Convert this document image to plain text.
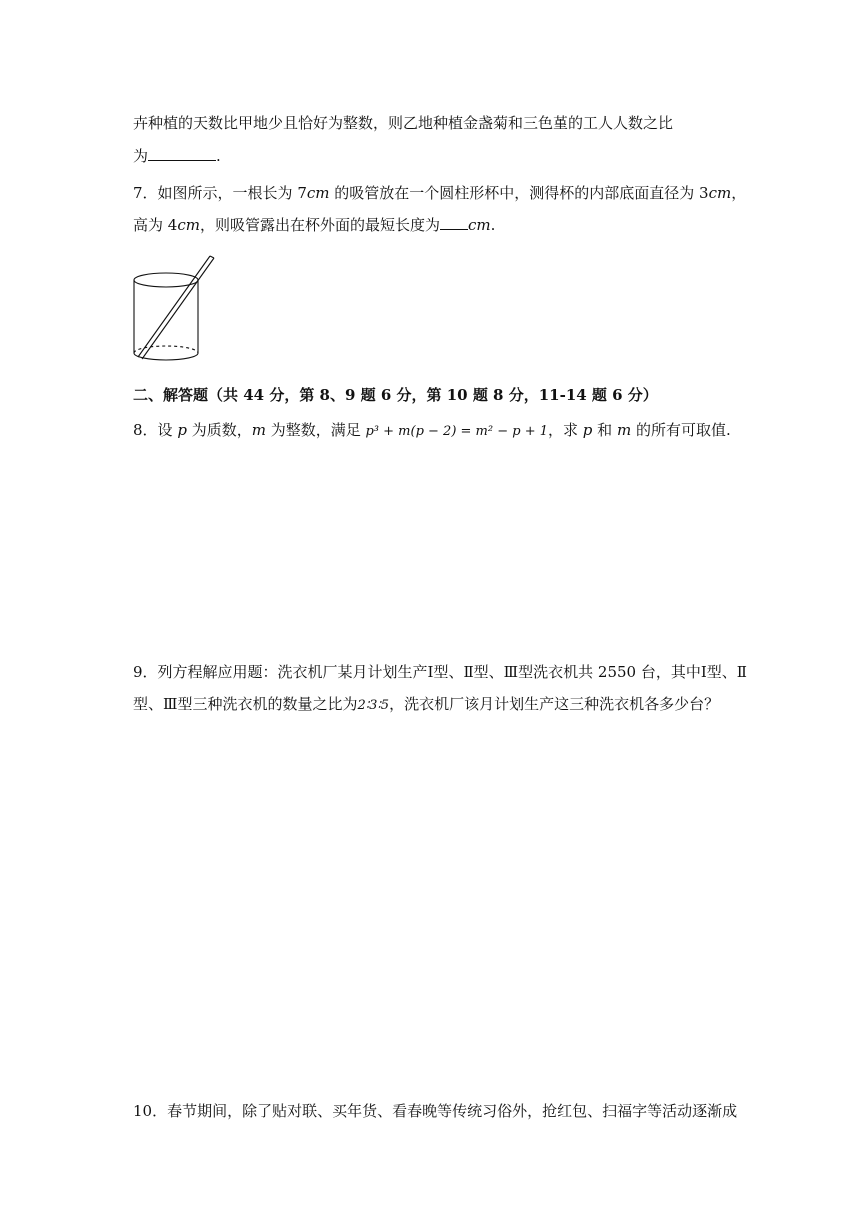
卉种植的天数比甲地少且恰好为整数，则乙地种植金盏菊和三色堇的工人人数之比
为	.
7．如图所示，一根长为 7cm 的吸管放在一个圆柱形杯中，测得杯的内部底面直径为 3cm，
高为 4cm，则吸管露出在杯外面的最短长度为 cm.
二、解答题（共 44 分，第 8、9 题 6 分，第 10 题 8 分，11-14 题 6 分）
8．设 p 为质数，m 为整数，满足 p³ + m(p − 2) = m² − p + 1，求 p 和 m 的所有可取值.
9．列方程解应用题：洗衣机厂某月计划生产Ⅰ型、Ⅱ型、Ⅲ型洗衣机共 2550 台，其中Ⅰ型、Ⅱ
型、Ⅲ型三种洗衣机的数量之比为2∶3∶5，洗衣机厂该月计划生产这三种洗衣机各多少台？
10．春节期间，除了贴对联、买年货、看春晚等传统习俗外，抢红包、扫福字等活动逐渐成
